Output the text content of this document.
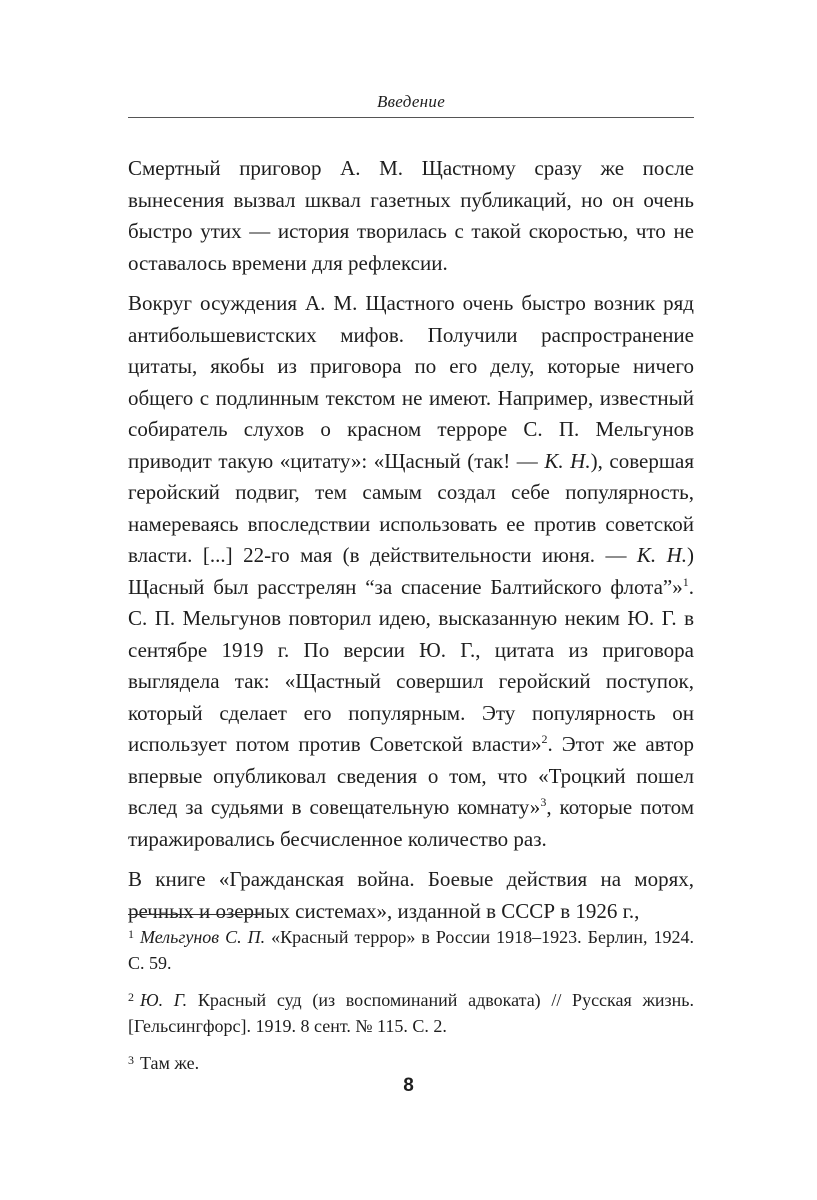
Введение

Смертный приговор А. М. Щастному сразу же после вынесения вызвал шквал газетных публикаций, но он очень быстро утих — история творилась с такой скоростью, что не оставалось времени для рефлексии.

Вокруг осуждения А. М. Щастного очень быстро возник ряд антибольшевистских мифов. Получили распространение цитаты, якобы из приговора по его делу, которые ничего общего с подлинным текстом не имеют. Например, известный собиратель слухов о красном терроре С. П. Мельгунов приводит такую «цитату»: «Щасный (так! — К. Н.), совершая геройский подвиг, тем самым создал себе популярность, намереваясь впоследствии использовать ее против советской власти. [...] 22-го мая (в действительности июня. — К. Н.) Щасный был расстрелян “за спасение Балтийского флота”»$^1$. С. П. Мельгунов повторил идею, высказанную неким Ю. Г. в сентябре 1919 г. По версии Ю. Г., цитата из приговора выглядела так: «Щастный совершил геройский поступок, который сделает его популярным. Эту популярность он использует потом против Советской власти»$^2$. Этот же автор впервые опубликовал сведения о том, что «Троцкий пошел вслед за судьями в совещательную комнату»$^3$, которые потом тиражировались бесчисленное количество раз.

В книге «Гражданская война. Боевые действия на морях, речных и озерных системах», изданной в СССР в 1926 г.,

$^1$ Мельгунов С. П. «Красный террор» в России 1918–1923. Берлин, 1924. С. 59.

$^2$ Ю. Г. Красный суд (из воспоминаний адвоката) // Русская жизнь. [Гельсингфорс]. 1919. 8 сент. № 115. С. 2.

$^3$ Там же.

8
